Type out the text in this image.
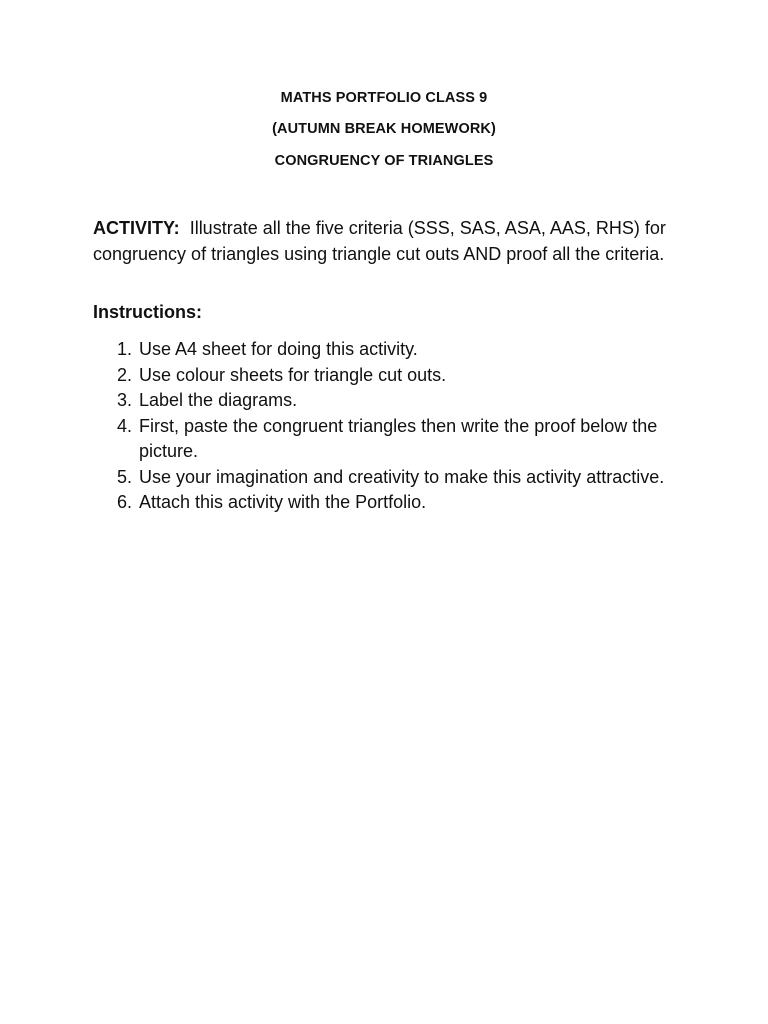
MATHS PORTFOLIO CLASS 9
(AUTUMN BREAK HOMEWORK)
CONGRUENCY OF TRIANGLES
ACTIVITY: Illustrate all the five criteria (SSS, SAS, ASA, AAS, RHS) for congruency of triangles using triangle cut outs AND proof all the criteria.
Instructions:
1. Use A4 sheet for doing this activity.
2. Use colour sheets for triangle cut outs.
3. Label the diagrams.
4. First, paste the congruent triangles then write the proof below the picture.
5. Use your imagination and creativity to make this activity attractive.
6. Attach this activity with the Portfolio.
